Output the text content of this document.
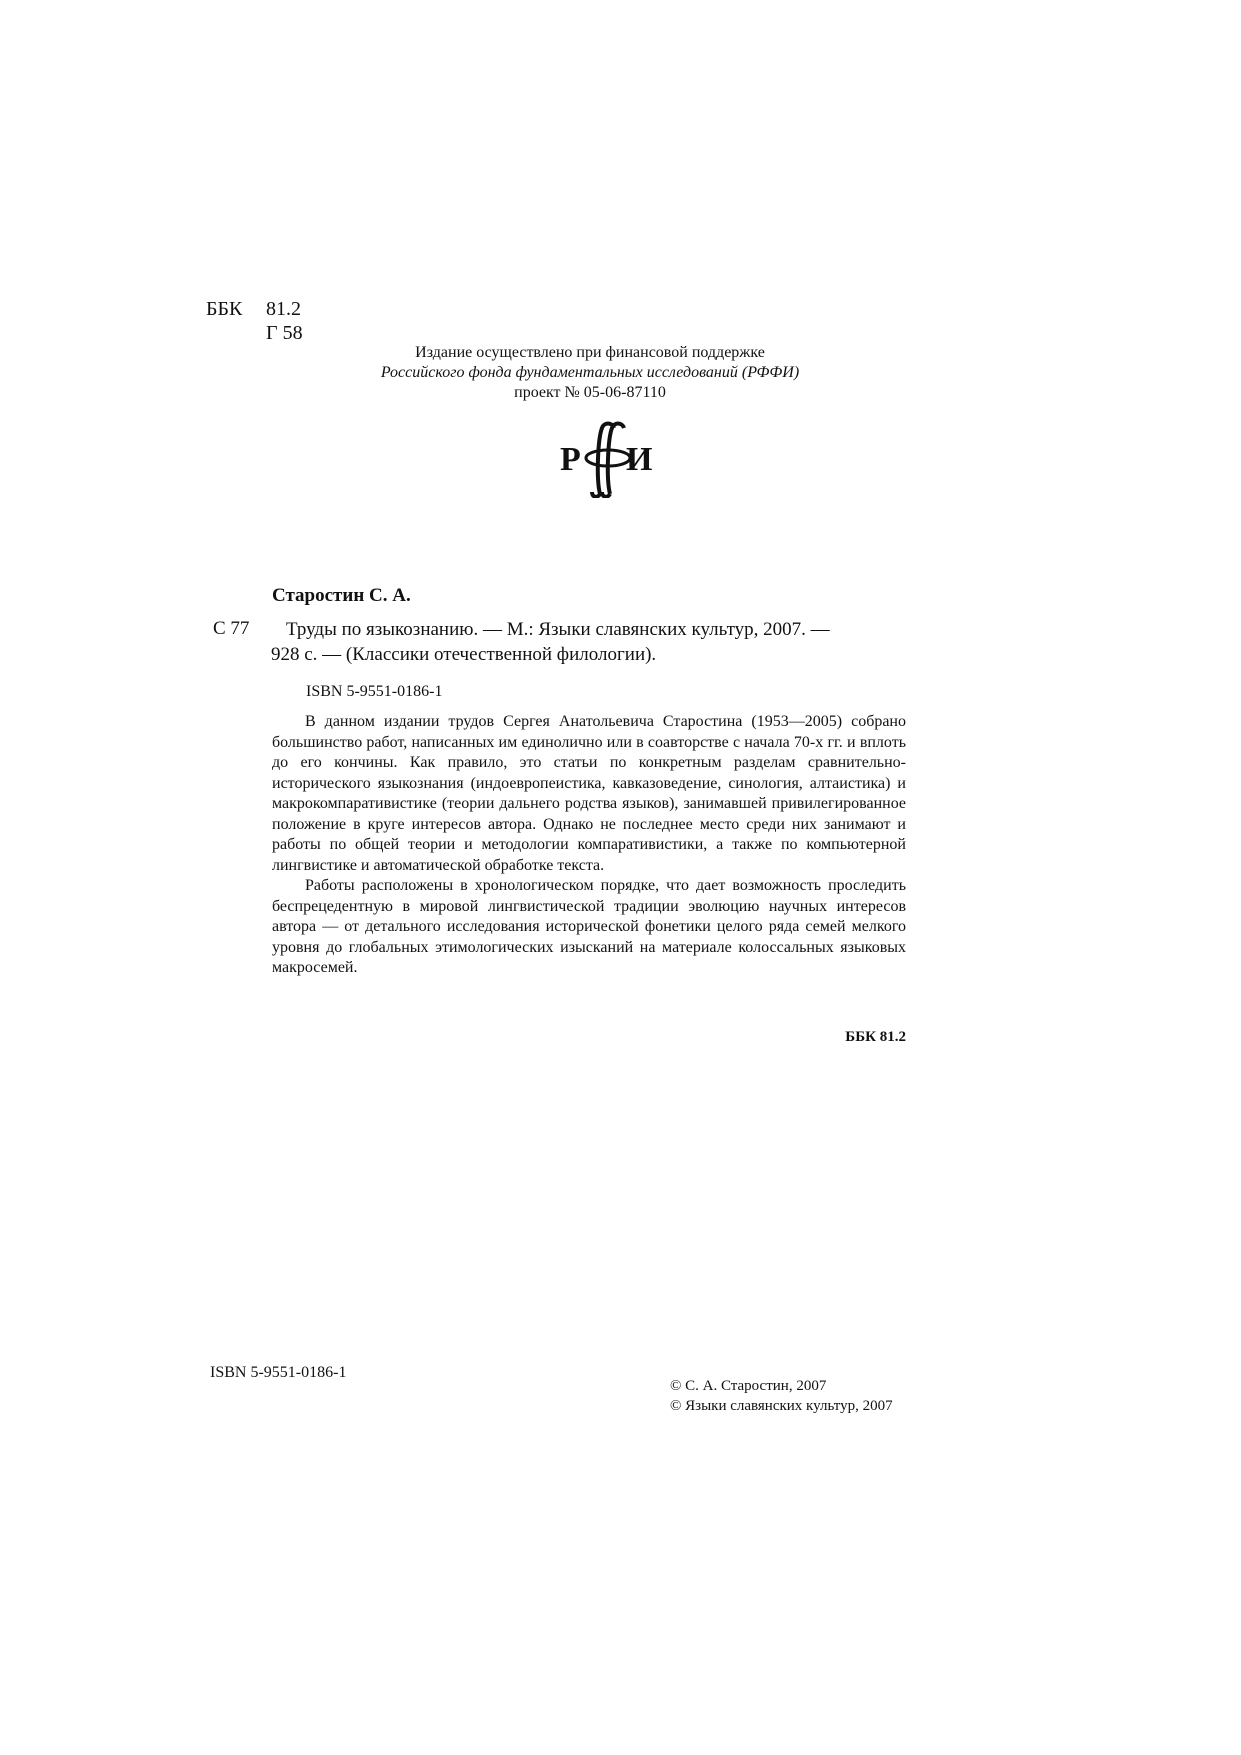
ББК 81.2
Г 58
Издание осуществлено при финансовой поддержке
Российского фонда фундаментальных исследований (РФФИ)
проект № 05-06-87110
Р И
Старостин С. А.
С 77 Труды по языкознанию. — М.: Языки славянских культур, 2007. —
928 с. — (Классики отечественной филологии).
ISBN 5-9551-0186-1

В данном издании трудов Сергея Анатольевича Старостина (1953—2005) собрано большинство работ, написанных им единолично или в соавторстве с начала 70-х гг. и вплоть до его кончины. Как правило, это статьи по конкретным разделам сравнительно-исторического языкознания (индоевропеистика, кавказоведение, синология, алтаистика) и макрокомпаративистике (теории дальнего родства языков), занимавшей привилегированное положение в круге интересов автора. Однако не последнее место среди них занимают и работы по общей теории и методологии компаративистики, а также по компьютерной лингвистике и автоматической обработке текста.

Работы расположены в хронологическом порядке, что дает возможность проследить беспрецедентную в мировой лингвистической традиции эволюцию научных интересов автора — от детального исследования исторической фонетики целого ряда семей мелкого уровня до глобальных этимологических изысканий на материале колоссальных языковых макросемей.

ББК 81.2
ISBN 5-9551-0186-1
© С. А. Старостин, 2007
© Языки славянских культур, 2007
